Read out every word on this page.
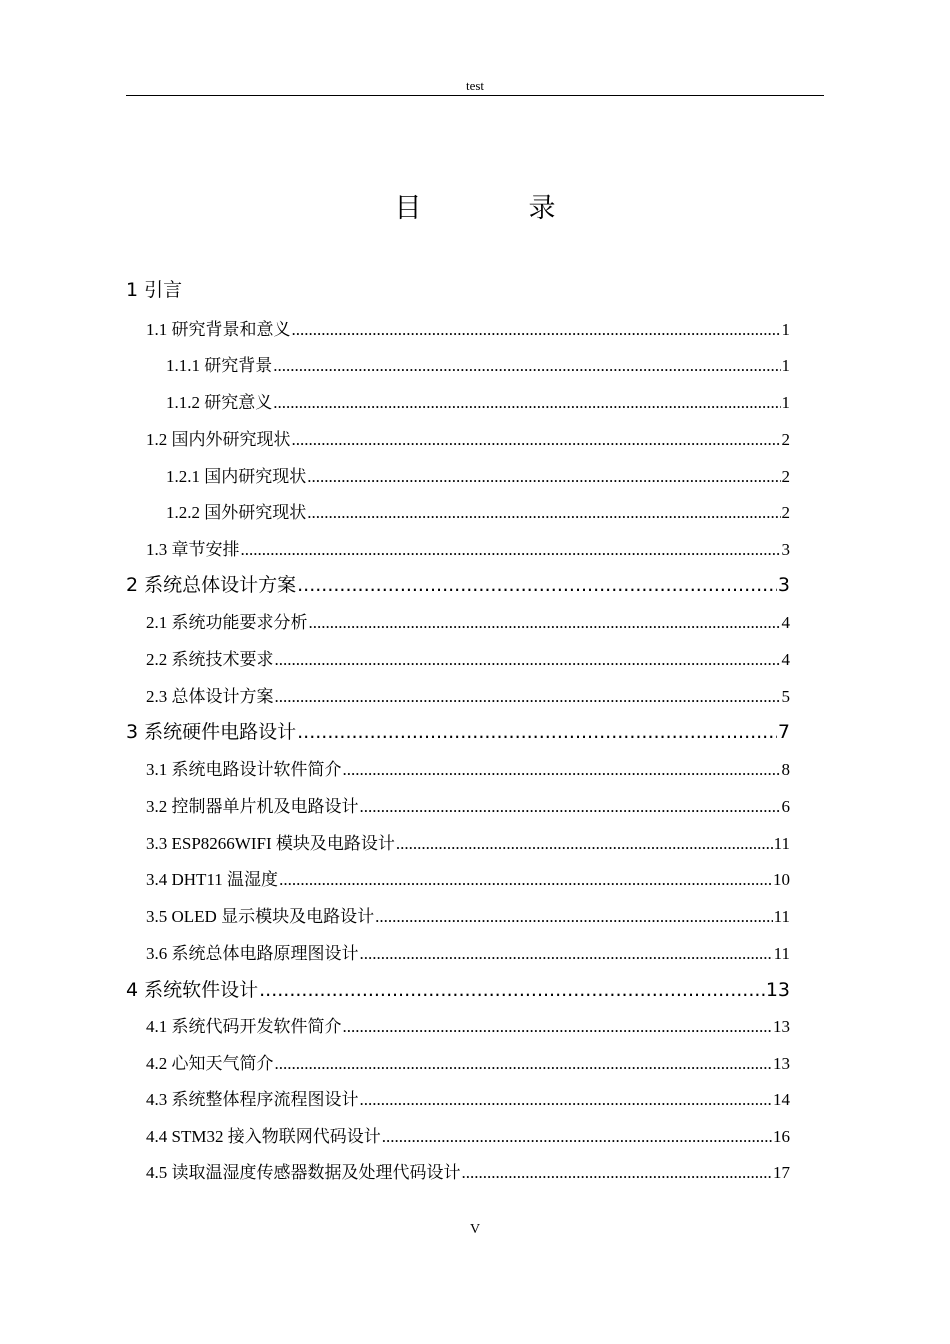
test
目　录
1 引言
1.1 研究背景和意义 .....	1
1.1.1 研究背景 .....	1
1.1.2 研究意义 .....	1
1.2 国内外研究现状 .....	2
1.2.1 国内研究现状 .....	2
1.2.2 国外研究现状 .....	2
1.3 章节安排 .....	3
2 系统总体设计方案 .....	3
2.1 系统功能要求分析 .....	4
2.2 系统技术要求 .....	4
2.3 总体设计方案 .....	5
3 系统硬件电路设计 .....	7
3.1 系统电路设计软件简介 .....	8
3.2 控制器单片机及电路设计 .....	6
3.3 ESP8266WIFI 模块及电路设计 .....	11
3.4 DHT11 温湿度 .....	10
3.5 OLED 显示模块及电路设计 .....	11
3.6 系统总体电路原理图设计 .....	11
4 系统软件设计 .....	13
4.1 系统代码开发软件简介 .....	13
4.2 心知天气简介 .....	13
4.3 系统整体程序流程图设计 .....	14
4.4 STM32 接入物联网代码设计 .....	16
4.5 读取温湿度传感器数据及处理代码设计 .....	17
V
